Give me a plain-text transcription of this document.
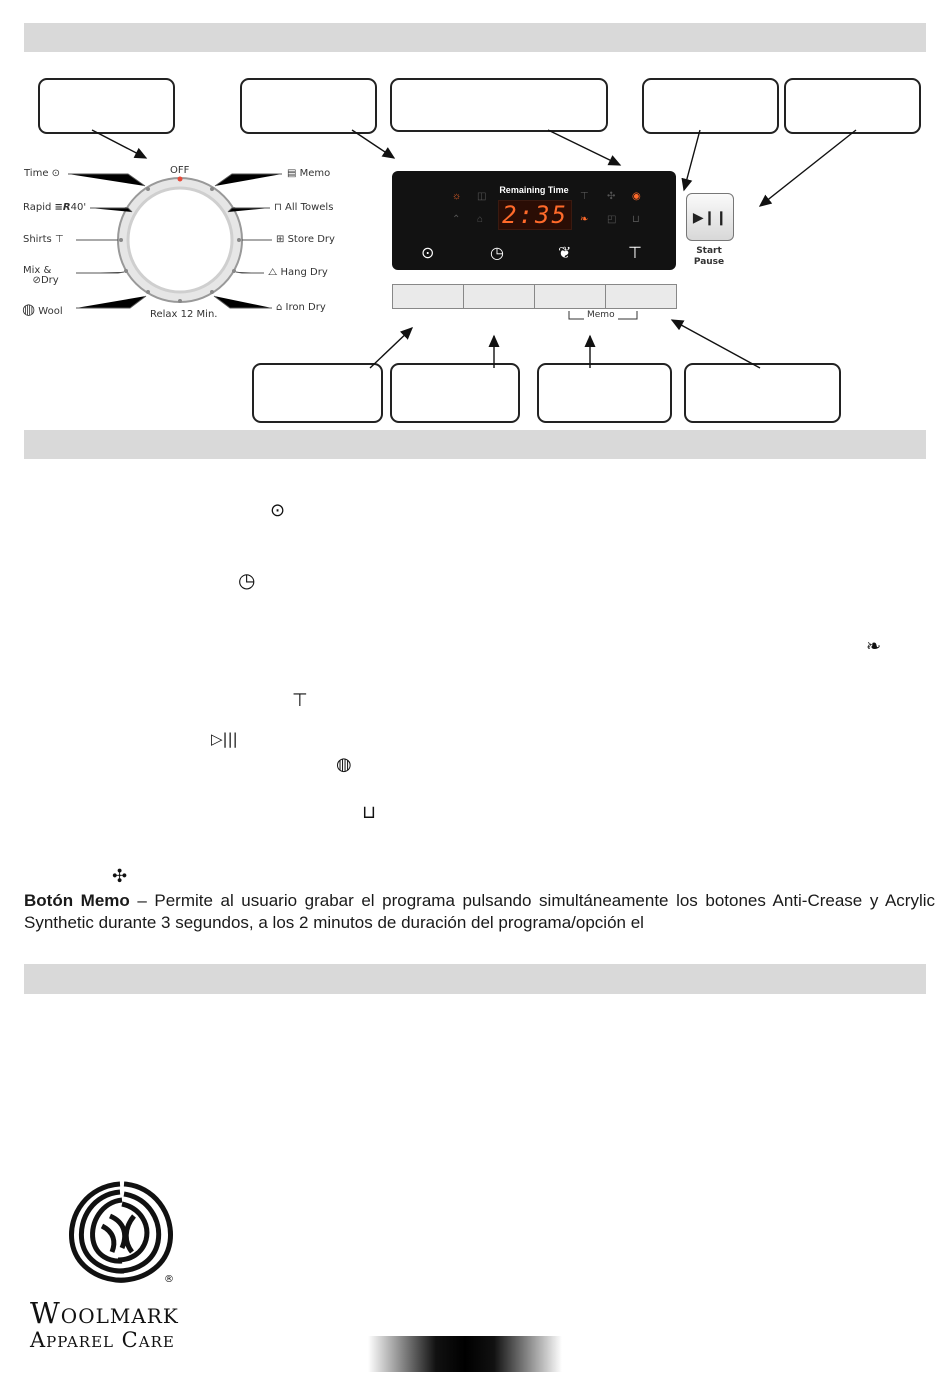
OFF
Relax 12 Min.
Time ⊙
Rapid ≡R40'
Shirts ⊤
Mix &
⊘Dry
◍ Wool
▤ Memo
⊓ All Towels
⊞ Store Dry
⧍ Hang Dry
⌂ Iron Dry
Remaining Time
2:35
☼ ◫
⌃ ⌂
⊤ ✣ ◉
❧ ◰ ⊔
⊙	◷	❦	⊤
Memo
▶❙❙
Start
Pause
⊙
◷
❧
⊤
▷|||
◍
⊔
✣
Botón Memo – Permite al usuario grabar el programa pulsando simultáneamente los botones Anti-Crease y Acrylic Synthetic durante 3 segundos, a los 2 minutos de duración del programa/opción el
®
Woolmark
Apparel Care
